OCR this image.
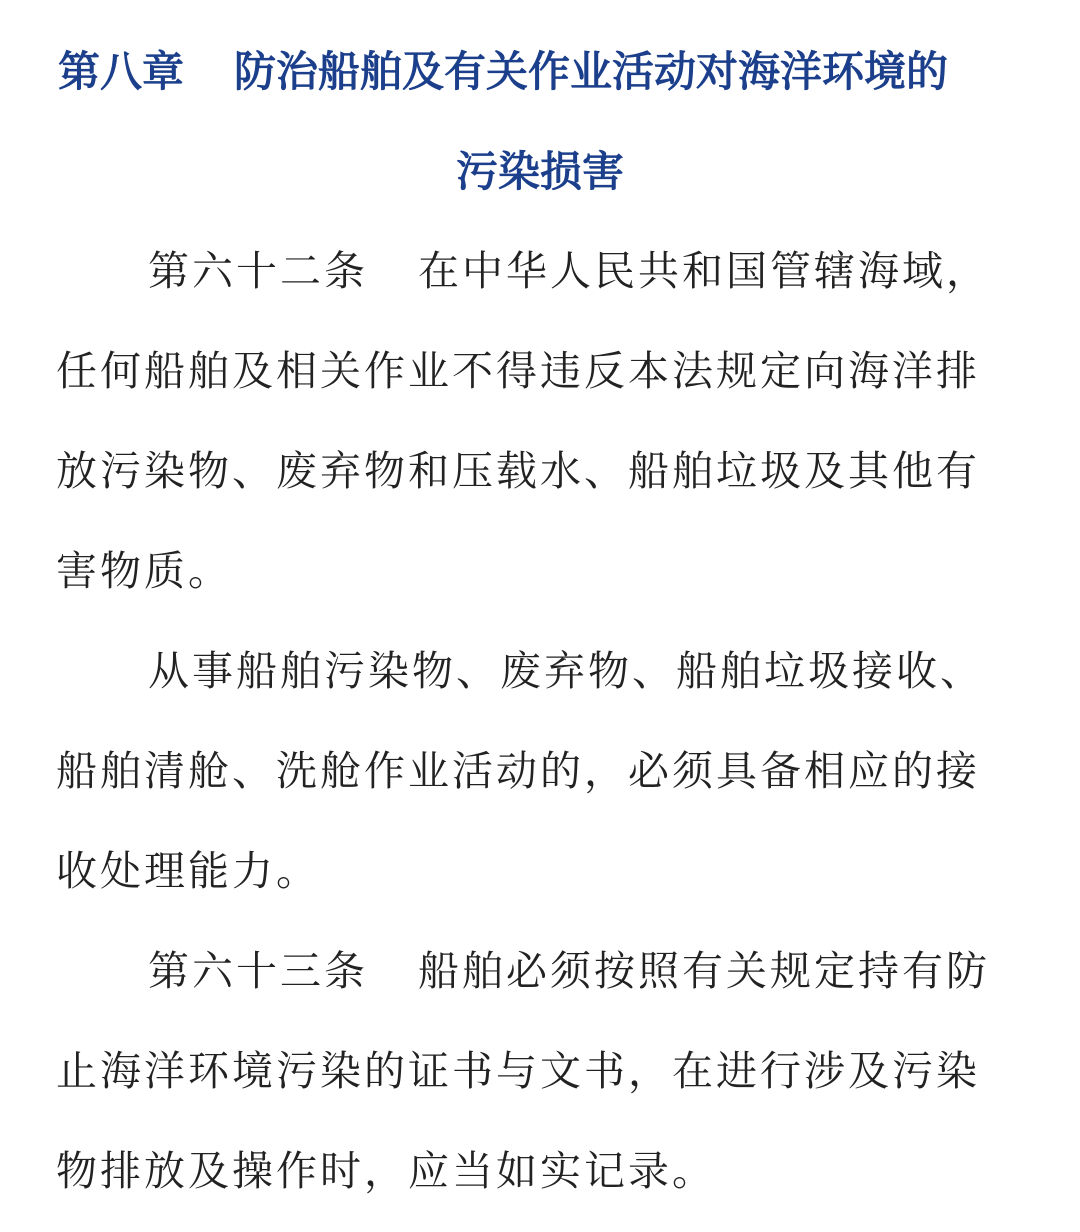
第八章 防治船舶及有关作业活动对海洋环境的
污染损害

第六十二条 在中华人民共和国管辖海域，

任何船舶及相关作业不得违反本法规定向海洋排

放污染物、废弃物和压载水、船舶垃圾及其他有

害物质。

从事船舶污染物、废弃物、船舶垃圾接收、

船舶清舱、洗舱作业活动的，必须具备相应的接

收处理能力。

第六十三条 船舶必须按照有关规定持有防

止海洋环境污染的证书与文书，在进行涉及污染

物排放及操作时，应当如实记录。
